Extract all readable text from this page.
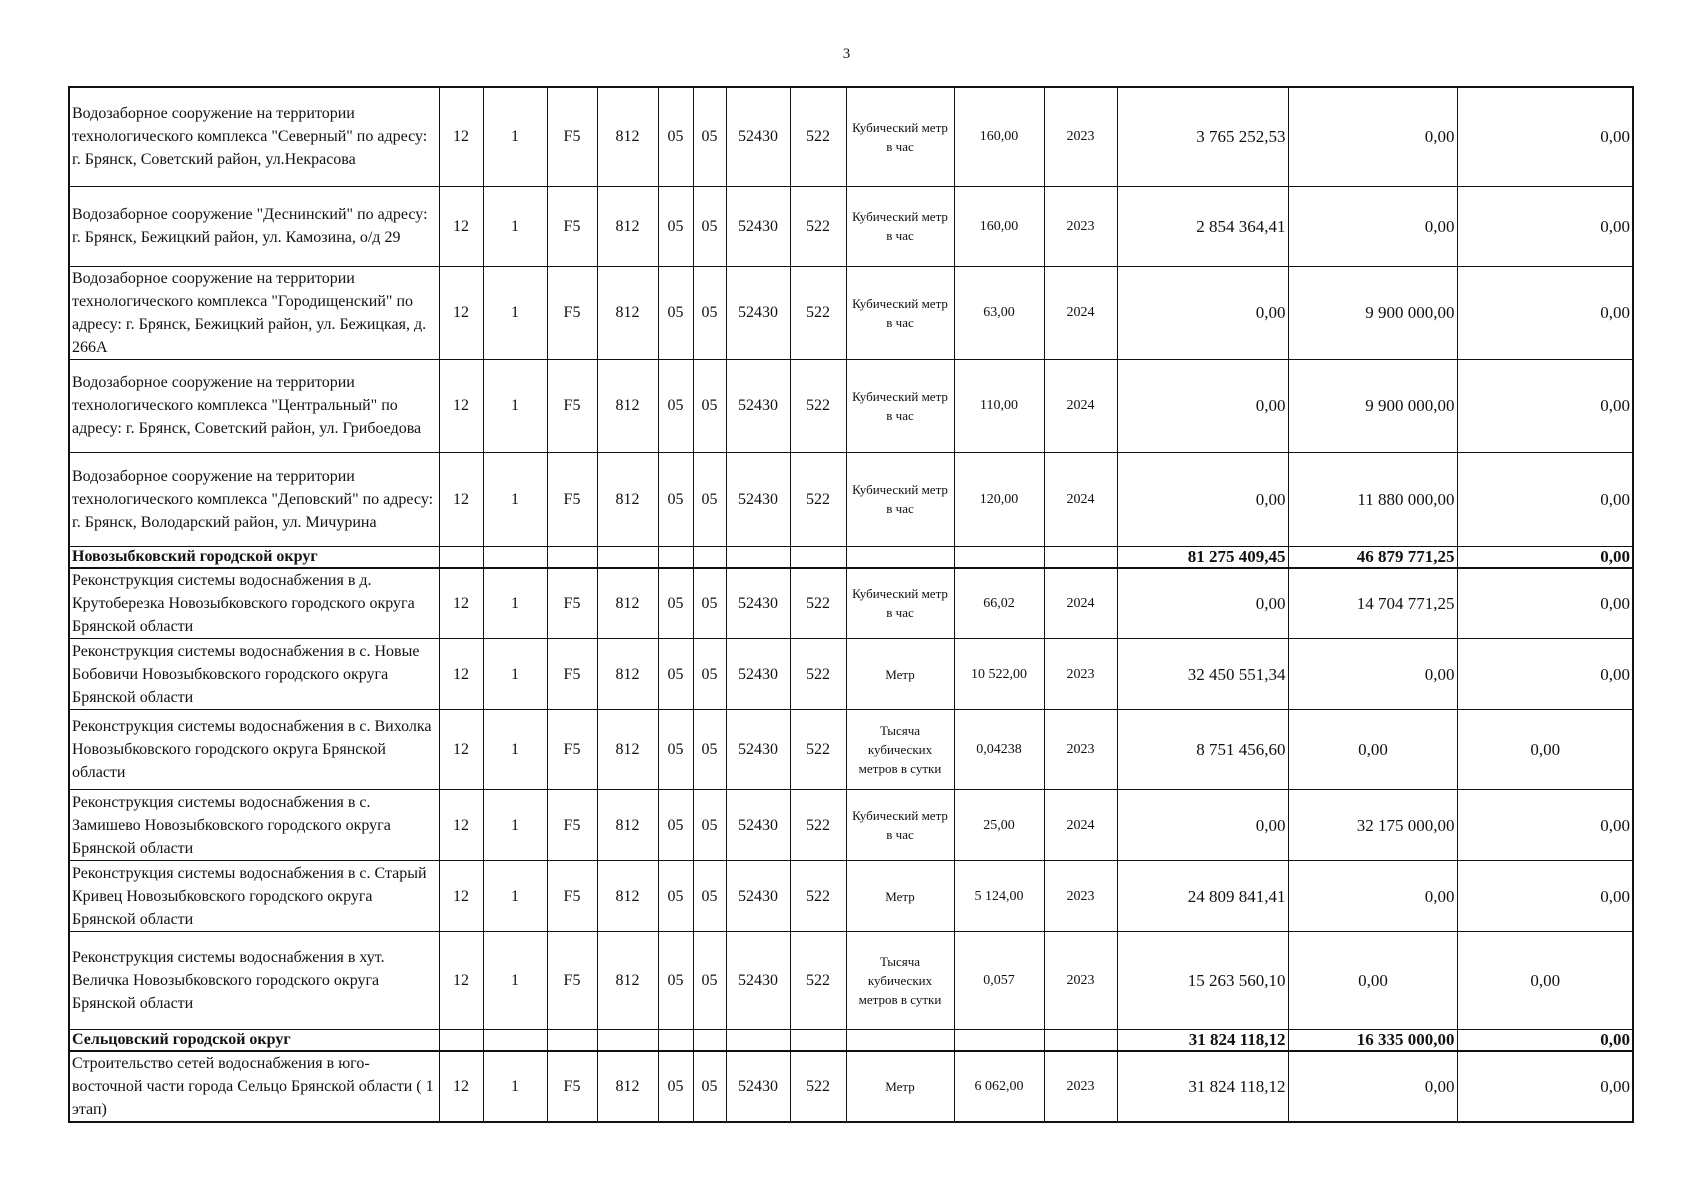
3
Водозаборное сооружение на территории технологического комплекса "Северный" по адресу: г. Брянск, Советский район, ул.Некрасова	12	1	F5	812	05	05	52430	522	Кубический метр в час	160,00	2023	3 765 252,53	0,00	0,00
Водозаборное сооружение "Деснинский" по адресу: г. Брянск, Бежицкий район, ул. Камозина, о/д 29	12	1	F5	812	05	05	52430	522	Кубический метр в час	160,00	2023	2 854 364,41	0,00	0,00
Водозаборное сооружение на территории технологического комплекса "Городищенский" по адресу: г. Брянск, Бежицкий район, ул. Бежицкая, д. 266А	12	1	F5	812	05	05	52430	522	Кубический метр в час	63,00	2024	0,00	9 900 000,00	0,00
Водозаборное сооружение на территории технологического комплекса "Центральный" по адресу: г. Брянск, Советский район, ул. Грибоедова	12	1	F5	812	05	05	52430	522	Кубический метр в час	110,00	2024	0,00	9 900 000,00	0,00
Водозаборное сооружение на территории технологического комплекса "Деповский" по адресу: г. Брянск, Володарский район, ул. Мичурина	12	1	F5	812	05	05	52430	522	Кубический метр в час	120,00	2024	0,00	11 880 000,00	0,00
Новозыбковский городской округ												81 275 409,45	46 879 771,25	0,00
Реконструкция системы водоснабжения в д. Крутоберезка Новозыбковского городского округа Брянской области	12	1	F5	812	05	05	52430	522	Кубический метр в час	66,02	2024	0,00	14 704 771,25	0,00
Реконструкция системы водоснабжения в с. Новые Бобовичи Новозыбковского городского округа Брянской области	12	1	F5	812	05	05	52430	522	Метр	10 522,00	2023	32 450 551,34	0,00	0,00
Реконструкция системы водоснабжения в с. Вихолка Новозыбковского городского округа Брянской области	12	1	F5	812	05	05	52430	522	Тысяча кубических метров в сутки	0,04238	2023	8 751 456,60	0,00	0,00
Реконструкция системы водоснабжения в с. Замишево Новозыбковского городского округа Брянской области	12	1	F5	812	05	05	52430	522	Кубический метр в час	25,00	2024	0,00	32 175 000,00	0,00
Реконструкция системы водоснабжения в с. Старый Кривец Новозыбковского городского округа Брянской области	12	1	F5	812	05	05	52430	522	Метр	5 124,00	2023	24 809 841,41	0,00	0,00
Реконструкция системы водоснабжения в хут. Величка Новозыбковского городского округа Брянской области	12	1	F5	812	05	05	52430	522	Тысяча кубических метров в сутки	0,057	2023	15 263 560,10	0,00	0,00
Сельцовский городской округ												31 824 118,12	16 335 000,00	0,00
Строительство сетей водоснабжения в юго-восточной части города Сельцо Брянской области ( 1 этап)	12	1	F5	812	05	05	52430	522	Метр	6 062,00	2023	31 824 118,12	0,00	0,00
